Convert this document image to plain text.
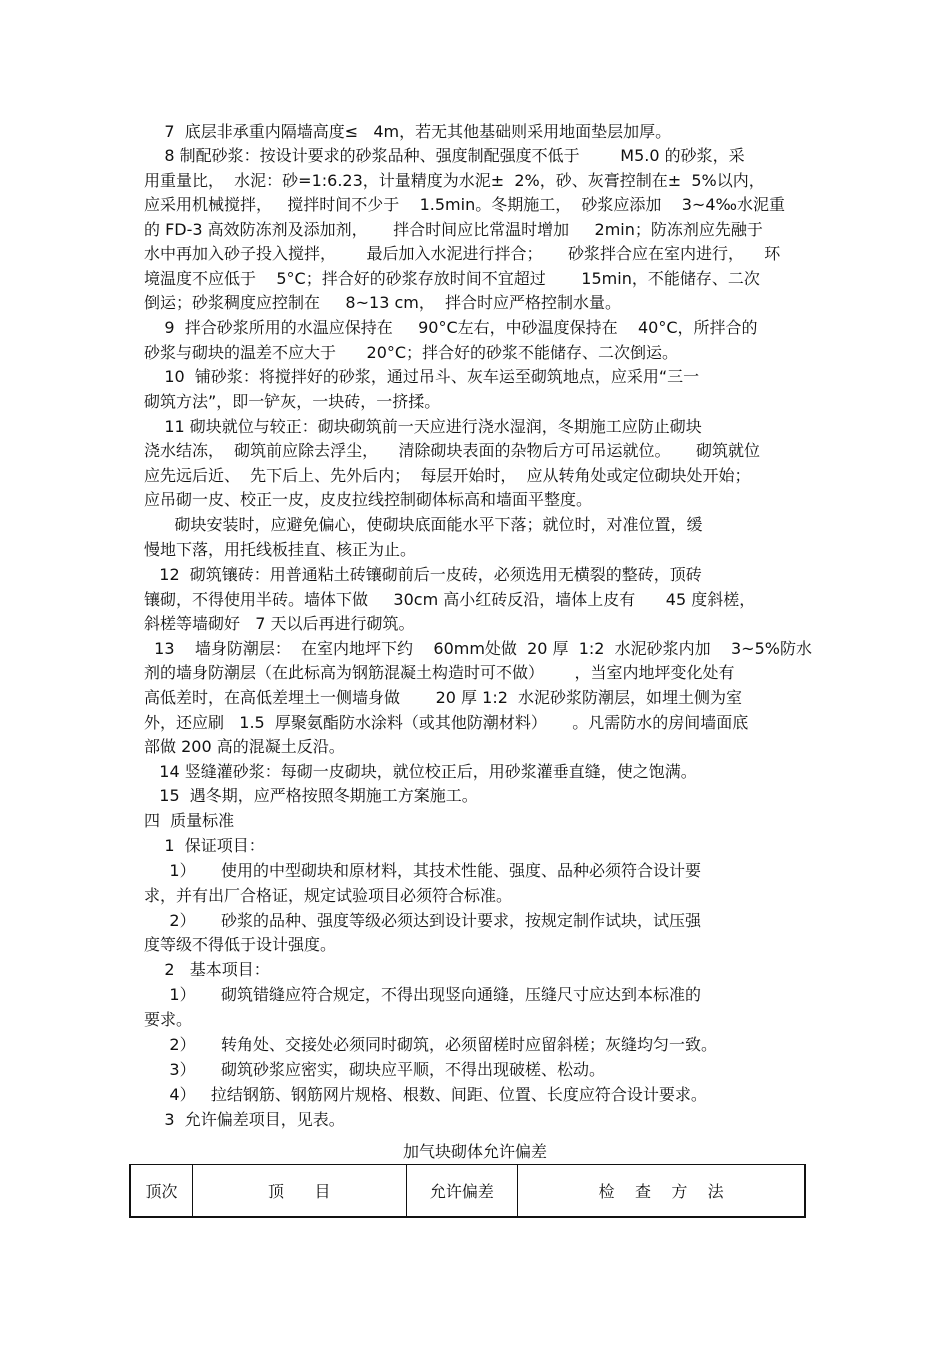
7  底层非承重内隔墙高度≤   4m，若无其他基础则采用地面垫层加厚。
8 制配砂浆：按设计要求的砂浆品种、强度制配强度不低于        M5.0 的砂浆，采
用重量比，  水泥：砂=1:6.23，计量精度为水泥±  2%，砂、灰膏控制在±  5%以内，
应采用机械搅拌，   搅拌时间不少于    1.5min。冬期施工，  砂浆应添加    3~4‰水泥重
的 FD-3 高效防冻剂及添加剂，     拌合时间应比常温时增加     2min；防冻剂应先融于
水中再加入砂子投入搅拌，      最后加入水泥进行拌合；     砂浆拌合应在室内进行，    环
境温度不应低于    5°C；拌合好的砂浆存放时间不宜超过       15min，不能储存、二次
倒运；砂浆稠度应控制在     8~13 cm，  拌合时应严格控制水量。
9  拌合砂浆所用的水温应保持在     90°C左右，中砂温度保持在    40°C，所拌合的
砂浆与砌块的温差不应大于      20°C；拌合好的砂浆不能储存、二次倒运。
10  铺砂浆：将搅拌好的砂浆，通过吊斗、灰车运至砌筑地点，应采用“三一
砌筑方法”，即一铲灰，一块砖，一挤揉。
11 砌块就位与较正：砌块砌筑前一天应进行浇水湿润，冬期施工应防止砌块
浇水结冻，  砌筑前应除去浮尘，    清除砌块表面的杂物后方可吊运就位。     砌筑就位
应先远后近、  先下后上、先外后内；  每层开始时，  应从转角处或定位砌块处开始；
应吊砌一皮、校正一皮，皮皮拉线控制砌体标高和墙面平整度。
砌块安装时，应避免偏心，使砌块底面能水平下落；就位时，对准位置，缓
慢地下落，用托线板挂直、核正为止。
12  砌筑镶砖：用普通粘土砖镶砌前后一皮砖，必须选用无横裂的整砖，顶砖
镶砌，不得使用半砖。墙体下做     30cm 高小红砖反沿，墙体上皮有      45 度斜槎，
斜槎等墙砌好   7 天以后再进行砌筑。
13    墙身防潮层：  在室内地坪下约    60mm处做  20 厚  1:2  水泥砂浆内加    3~5%防水
剂的墙身防潮层（在此标高为钢筋混凝土构造时可不做）      ，当室内地坪变化处有
高低差时，在高低差埋土一侧墙身做       20 厚 1:2  水泥砂浆防潮层，如埋土侧为室
外，还应刷   1.5  厚聚氨酯防水涂料（或其他防潮材料）     。凡需防水的房间墙面底
部做 200 高的混凝土反沿。
14 竖缝灌砂浆：每砌一皮砌块，就位校正后，用砂浆灌垂直缝，使之饱满。
15  遇冬期，应严格按照冬期施工方案施工。
四  质量标准
1  保证项目：
1）     使用的中型砌块和原材料，其技术性能、强度、品种必须符合设计要
求，并有出厂合格证，规定试验项目必须符合标准。
2）     砂浆的品种、强度等级必须达到设计要求，按规定制作试块，试压强
度等级不得低于设计强度。
2   基本项目：
1）     砌筑错缝应符合规定，不得出现竖向通缝，压缝尺寸应达到本标准的
要求。
2）     转角处、交接处必须同时砌筑，必须留槎时应留斜槎；灰缝均匀一致。
3）     砌筑砂浆应密实，砌块应平顺，不得出现破槎、松动。
4）   拉结钢筋、钢筋网片规格、根数、间距、位置、长度应符合设计要求。
3  允许偏差项目，见表。
加气块砌体允许偏差
顶次	顶      目	允许偏差	检    查    方    法
